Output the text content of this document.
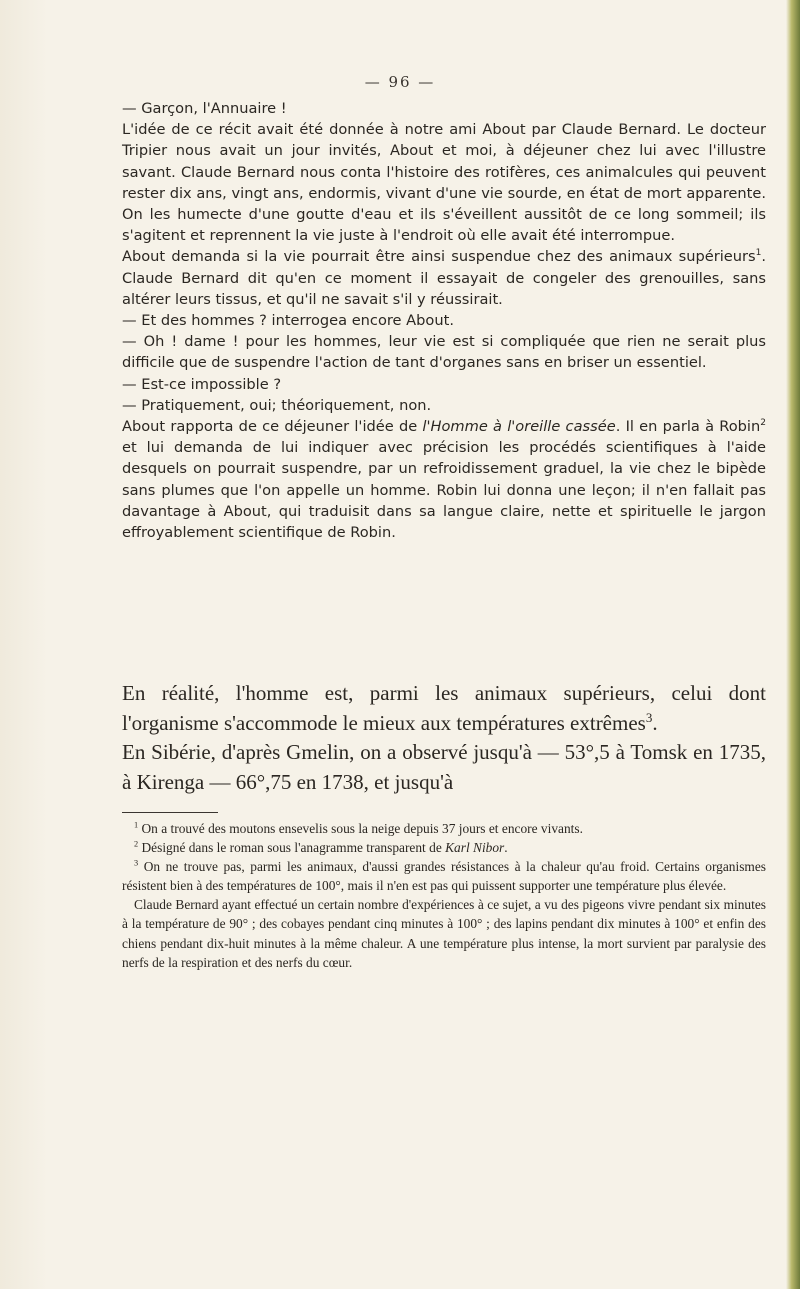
— 96 —

— Garçon, l'Annuaire !

L'idée de ce récit avait été donnée à notre ami About par Claude Bernard. Le docteur Tripier nous avait un jour invités, About et moi, à déjeuner chez lui avec l'illustre savant. Claude Bernard nous conta l'histoire des rotifères, ces animalcules qui peuvent rester dix ans, vingt ans, endormis, vivant d'une vie sourde, en état de mort apparente. On les humecte d'une goutte d'eau et ils s'éveillent aussitôt de ce long sommeil; ils s'agitent et reprennent la vie juste à l'endroit où elle avait été interrompue.

About demanda si la vie pourrait être ainsi suspendue chez des animaux supérieurs$^1$. Claude Bernard dit qu'en ce moment il essayait de congeler des grenouilles, sans altérer leurs tissus, et qu'il ne savait s'il y réussirait.

— Et des hommes ? interrogea encore About.

— Oh ! dame ! pour les hommes, leur vie est si compliquée que rien ne serait plus difficile que de suspendre l'action de tant d'organes sans en briser un essentiel.

— Est-ce impossible ?

— Pratiquement, oui; théoriquement, non.

About rapporta de ce déjeuner l'idée de l'Homme à l'oreille cassée. Il en parla à Robin$^2$ et lui demanda de lui indiquer avec précision les procédés scientifiques à l'aide desquels on pourrait suspendre, par un refroidissement graduel, la vie chez le bipède sans plumes que l'on appelle un homme. Robin lui donna une leçon; il n'en fallait pas davantage à About, qui traduisit dans sa langue claire, nette et spirituelle le jargon effroyablement scientifique de Robin.

En réalité, l'homme est, parmi les animaux supérieurs, celui dont l'organisme s'accommode le mieux aux températures extrêmes$^3$.

En Sibérie, d'après Gmelin, on a observé jusqu'à — 53°,5 à Tomsk en 1735, à Kirenga — 66°,75 en 1738, et jusqu'à

$^1$ On a trouvé des moutons ensevelis sous la neige depuis 37 jours et encore vivants.

$^2$ Désigné dans le roman sous l'anagramme transparent de Karl Nibor.

$^3$ On ne trouve pas, parmi les animaux, d'aussi grandes résistances à la chaleur qu'au froid. Certains organismes résistent bien à des températures de 100°, mais il n'en est pas qui puissent supporter une température plus élevée.

Claude Bernard ayant effectué un certain nombre d'expériences à ce sujet, a vu des pigeons vivre pendant six minutes à la température de 90° ; des cobayes pendant cinq minutes à 100° ; des lapins pendant dix minutes à 100° et enfin des chiens pendant dix-huit minutes à la même chaleur. A une température plus intense, la mort survient par paralysie des nerfs de la respiration et des nerfs du cœur.
